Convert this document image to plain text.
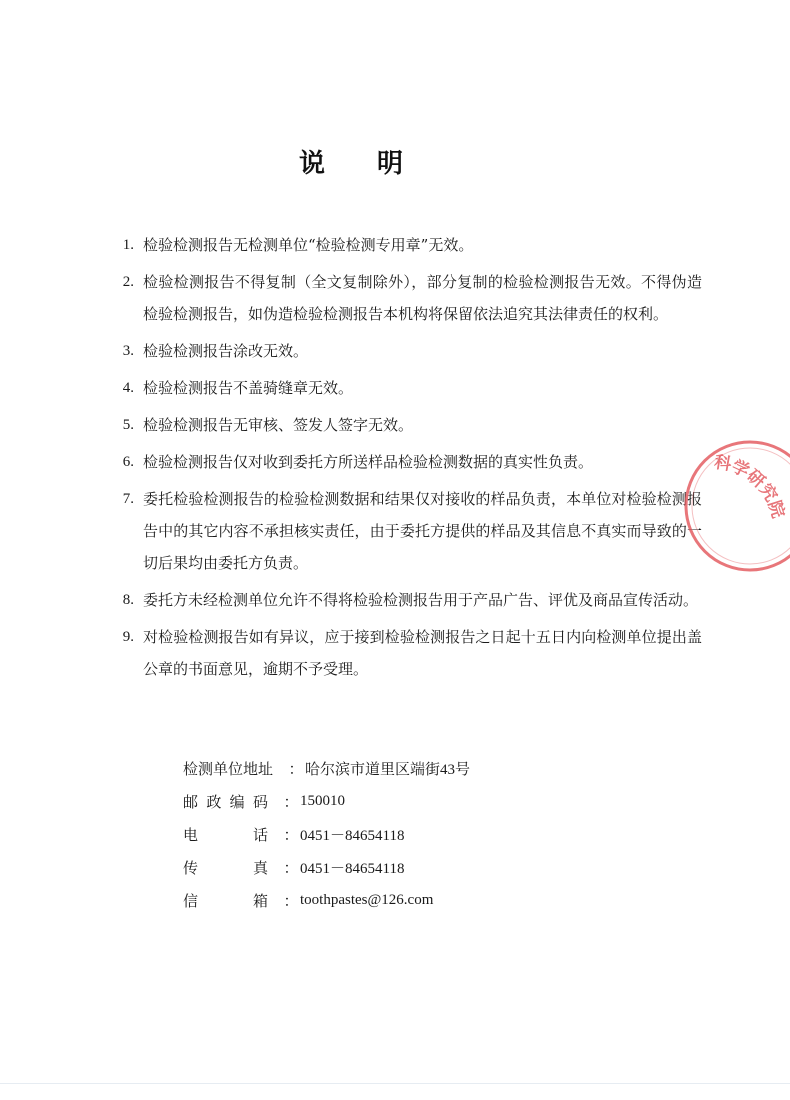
说明
1. 检验检测报告无检测单位“检验检测专用章”无效。
2. 检验检测报告不得复制（全文复制除外），部分复制的检验检测报告无效。不得伪造检验检测报告，如伪造检验检测报告本机构将保留依法追究其法律责任的权利。
3. 检验检测报告涂改无效。
4. 检验检测报告不盖骑缝章无效。
5. 检验检测报告无审核、签发人签字无效。
6. 检验检测报告仅对收到委托方所送样品检验检测数据的真实性负责。
7. 委托检验检测报告的检验检测数据和结果仅对接收的样品负责，本单位对检验检测报告中的其它内容不承担核实责任，由于委托方提供的样品及其信息不真实而导致的一切后果均由委托方负责。
8. 委托方未经检测单位允许不得将检验检测报告用于产品广告、评优及商品宣传活动。
9. 对检验检测报告如有异议，应于接到检验检测报告之日起十五日内向检测单位提出盖公章的书面意见，逾期不予受理。
检测单位地址 ： 哈尔滨市道里区端街43号
邮 政 编 码 ： 150010
电	话 ： 0451－84654118
传	真 ： 0451－84654118
信	箱 ： toothpastes@126.com
科学研究院
